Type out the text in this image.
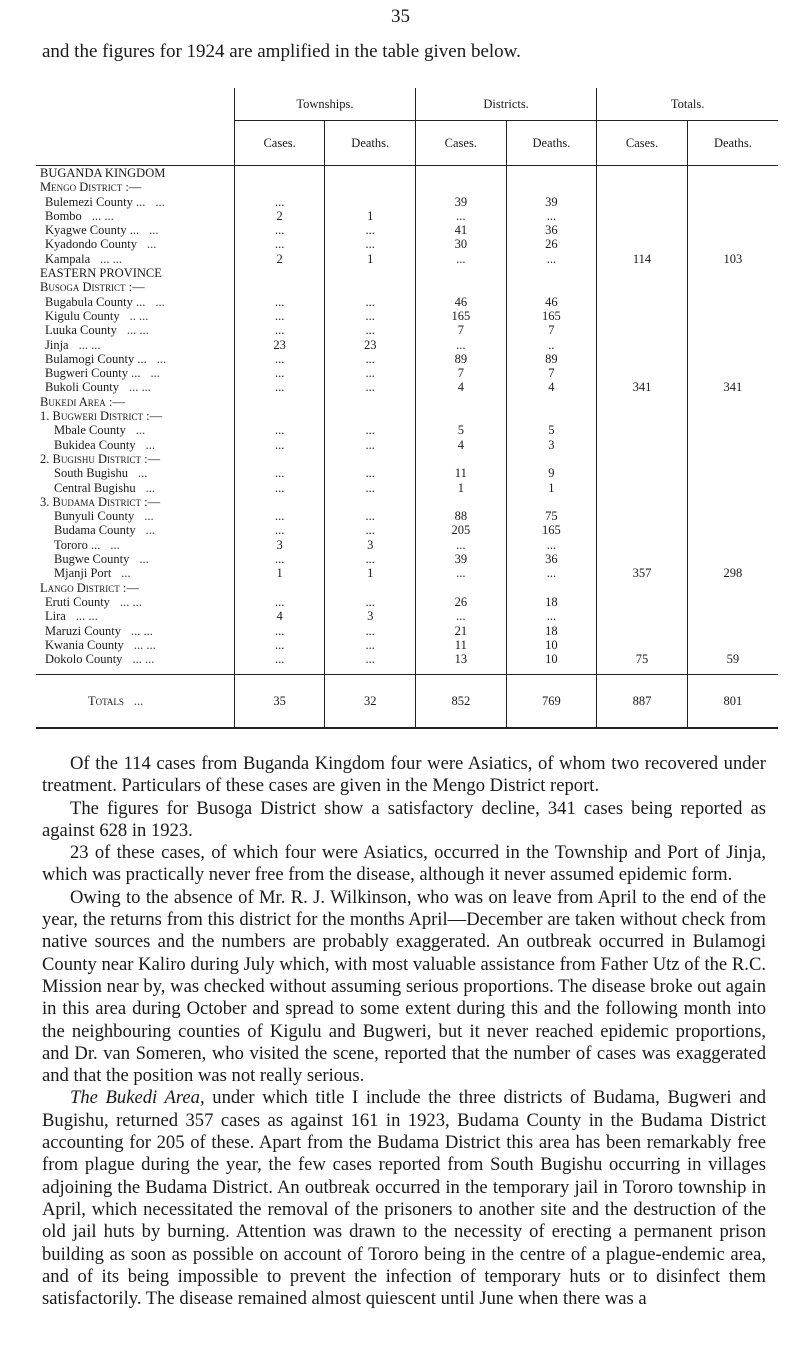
35
and the figures for 1924 are amplified in the table given below.
	Townships.		Districts.		Totals.	
	Cases.	Deaths.	Cases.	Deaths.	Cases.	Deaths.
BUGANDA KINGDOM						
Mengo District :—						
Bulemezi County ... ...	...		39	39		
Bombo ... ...	2	1	...	...		
Kyagwe County ... ...	...	...	41	36		
Kyadondo County ...	...	...	30	26		
Kampala ... ...	2	1	...	...	114	103
EASTERN PROVINCE						
Busoga District :—						
Bugabula County ... ...	...	...	46	46		
Kigulu County .. ...	...	...	165	165		
Luuka County ... ...	...	...	7	7		
Jinja ... ...	23	23	...	..		
Bulamogi County ... ...	...	...	89	89		
Bugweri County ... ...	...	...	7	7		
Bukoli County ... ...	...	...	4	4	341	341
Bukedi Area :—						
1. Bugweri District :—						
Mbale County ...	...	...	5	5		
Bukidea County ...	...	...	4	3		
2. Bugishu District :—						
South Bugishu ...	...	...	11	9		
Central Bugishu ...	...	...	1	1		
3. Budama District :—						
Bunyuli County ...	...	...	88	75		
Budama County ...	...	...	205	165		
Tororo ... ...	3	3	...	...		
Bugwe County ...	...	...	39	36		
Mjanji Port ...	1	1	...	...	357	298
Lango District :—						
Eruti County ... ...	...	...	26	18		
Lira ... ...	4	3	...	...		
Maruzi County ... ...	...	...	21	18		
Kwania County ... ...	...	...	11	10		
Dokolo County ... ...	...	...	13	10	75	59

Totals ...	35	32	852	769	887	801

Of the 114 cases from Buganda Kingdom four were Asiatics, of whom two recovered under treatment. Particulars of these cases are given in the Mengo District report.

The figures for Busoga District show a satisfactory decline, 341 cases being reported as against 628 in 1923.

23 of these cases, of which four were Asiatics, occurred in the Township and Port of Jinja, which was practically never free from the disease, although it never assumed epidemic form.

Owing to the absence of Mr. R. J. Wilkinson, who was on leave from April to the end of the year, the returns from this district for the months April—December are taken without check from native sources and the numbers are probably exaggerated. An outbreak occurred in Bulamogi County near Kaliro during July which, with most valuable assistance from Father Utz of the R.C. Mission near by, was checked without assuming serious proportions. The disease broke out again in this area during October and spread to some extent during this and the following month into the neighbouring counties of Kigulu and Bugweri, but it never reached epidemic proportions, and Dr. van Someren, who visited the scene, reported that the number of cases was exaggerated and that the position was not really serious.

The Bukedi Area, under which title I include the three districts of Budama, Bugweri and Bugishu, returned 357 cases as against 161 in 1923, Budama County in the Budama District accounting for 205 of these. Apart from the Budama District this area has been remarkably free from plague during the year, the few cases reported from South Bugishu occurring in villages adjoining the Budama District. An outbreak occurred in the temporary jail in Tororo township in April, which necessitated the removal of the prisoners to another site and the destruction of the old jail huts by burning. Attention was drawn to the necessity of erecting a permanent prison building as soon as possible on account of Tororo being in the centre of a plague-endemic area, and of its being impossible to prevent the infection of temporary huts or to disinfect them satisfactorily. The disease remained almost quiescent until June when there was a
